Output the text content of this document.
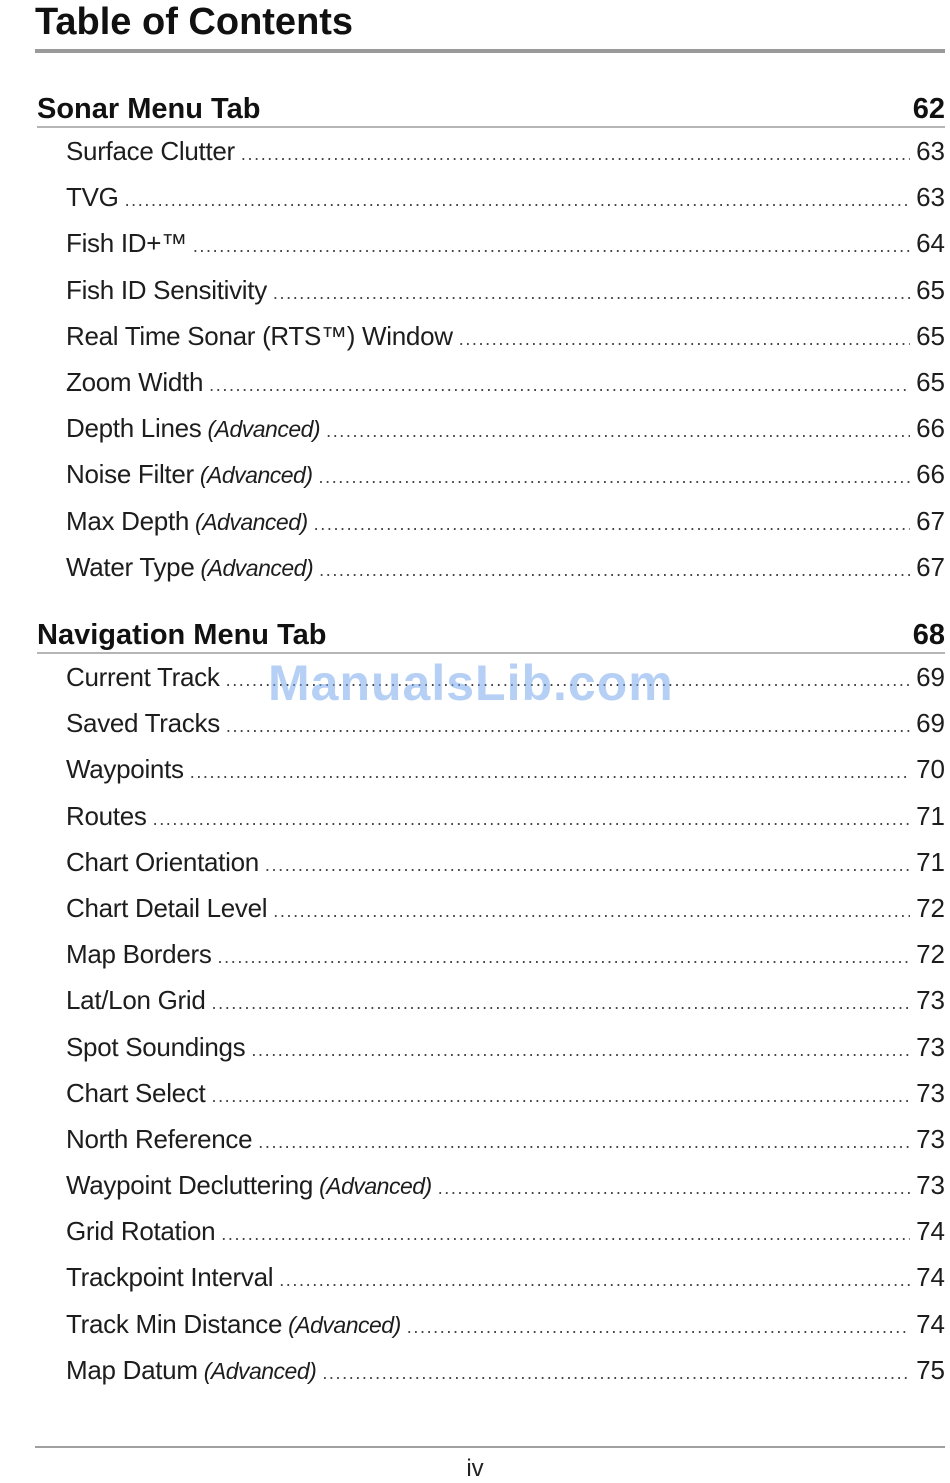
Table of Contents
Sonar Menu Tab	62
Surface Clutter .....	63
TVG .....	63
Fish ID+™ .....	64
Fish ID Sensitivity .....	65
Real Time Sonar (RTS™) Window .....	65
Zoom Width .....	65
Depth Lines (Advanced) .....	66
Noise Filter (Advanced) .....	66
Max Depth (Advanced) .....	67
Water Type (Advanced) .....	67
Navigation Menu Tab	68
Current Track .....	69
Saved Tracks .....	69
Waypoints .....	70
Routes .....	71
Chart Orientation .....	71
Chart Detail Level .....	72
Map Borders .....	72
Lat/Lon Grid .....	73
Spot Soundings .....	73
Chart Select .....	73
North Reference .....	73
Waypoint Decluttering (Advanced) .....	73
Grid Rotation .....	74
Trackpoint Interval .....	74
Track Min Distance (Advanced) .....	74
Map Datum (Advanced) .....	75
ManualsLib.com
iv
